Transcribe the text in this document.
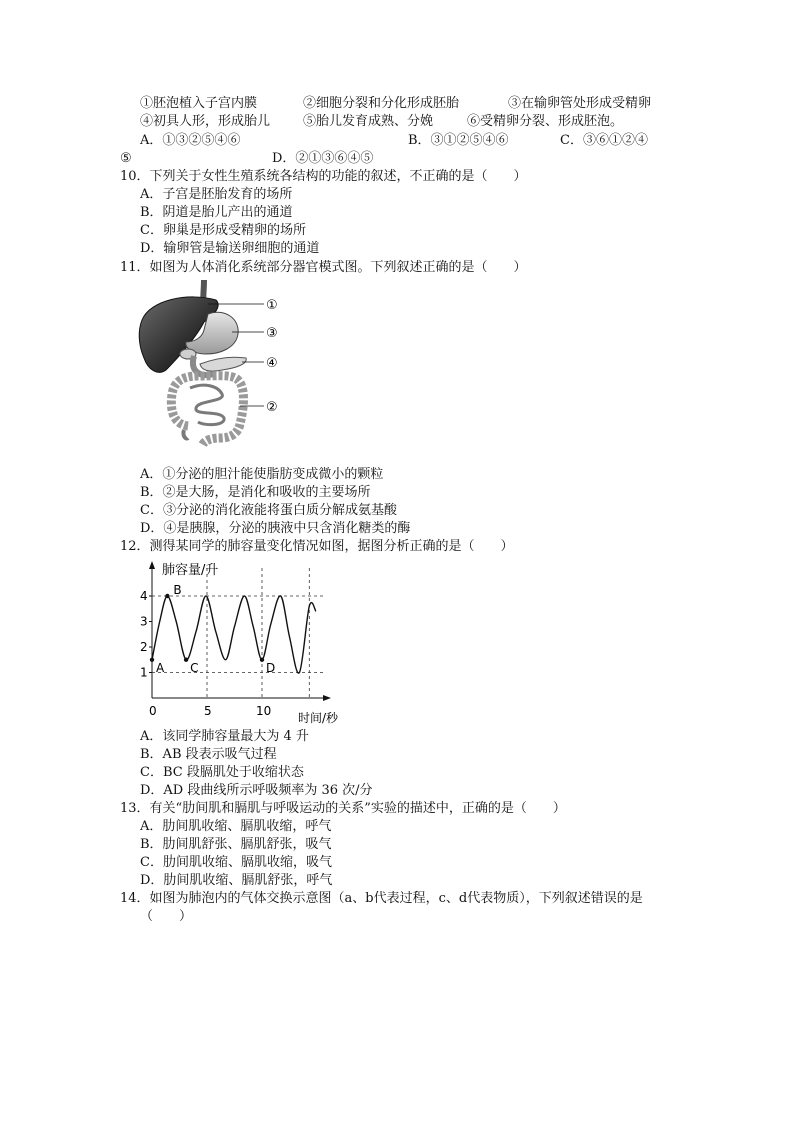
①胚泡植入子宫内膜	②细胞分裂和分化形成胚胎	③在输卵管处形成受精卵
④初具人形，形成胎儿	⑤胎儿发育成熟、分娩	⑥受精卵分裂、形成胚泡。
A．①③②⑤④⑥	B．③①②⑤④⑥	C．③⑥①②④
⑤	D．②①③⑥④⑤
10．下列关于女性生殖系统各结构的功能的叙述，不正确的是（　　）
A．子宫是胚胎发育的场所
B．阴道是胎儿产出的通道
C．卵巢是形成受精卵的场所
D．输卵管是输送卵细胞的通道
11．如图为人体消化系统部分器官模式图。下列叙述正确的是（　　）
①
③
④
②
A．①分泌的胆汁能使脂肪变成微小的颗粒
B．②是大肠，是消化和吸收的主要场所
C．③分泌的消化液能将蛋白质分解成氨基酸
D．④是胰腺，分泌的胰液中只含消化糖类的酶
12．测得某同学的肺容量变化情况如图，据图分析正确的是（　　）
肺容量/升
时间/秒
1
2
3
4
0	5	10
A
B
C	D
A．该同学肺容量最大为 4 升
B．AB 段表示吸气过程
C．BC 段膈肌处于收缩状态
D．AD 段曲线所示呼吸频率为 36 次/分
13．有关“肋间肌和膈肌与呼吸运动的关系”实验的描述中，正确的是（　　）
A．肋间肌收缩、膈肌收缩，呼气
B．肋间肌舒张、膈肌舒张，吸气
C．肋间肌收缩、膈肌收缩，吸气
D．肋间肌收缩、膈肌舒张，呼气
14．如图为肺泡内的气体交换示意图（a、b代表过程，c、d代表物质），下列叙述错误的是
（　　）
